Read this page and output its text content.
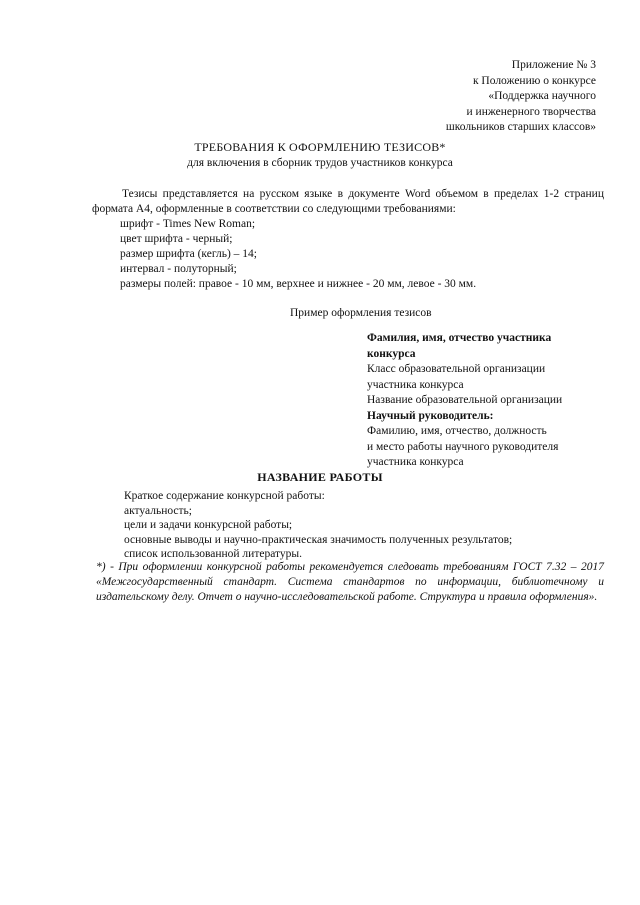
Приложение № 3
к Положению о конкурсе
«Поддержка научного
и инженерного творчества
школьников старших классов»
ТРЕБОВАНИЯ К ОФОРМЛЕНИЮ ТЕЗИСОВ*
для включения в сборник трудов участников конкурса

Тезисы представляется на русском языке в документе Word объемом в пределах 1-2 страниц формата А4, оформленные в соответствии со следующими требованиями:

шрифт - Times New Roman;
цвет шрифта - черный;
размер шрифта (кегль) – 14;
интервал - полуторный;
размеры полей: правое - 10 мм, верхнее и нижнее - 20 мм, левое - 30 мм.
Пример оформления тезисов
Фамилия, имя, отчество участника
конкурса
Класс образовательной организации
участника конкурса
Название образовательной организации
Научный руководитель:
Фамилию, имя, отчество, должность
и место работы научного руководителя
участника конкурса
НАЗВАНИЕ РАБОТЫ
Краткое содержание конкурсной работы:
актуальность;
цели и задачи конкурсной работы;
основные выводы и научно-практическая значимость полученных результатов;
список использованной литературы.
*) - При оформлении конкурсной работы рекомендуется следовать требованиям ГОСТ 7.32 – 2017 «Межгосударственный стандарт. Система стандартов по информации, библиотечному и издательскому делу. Отчет о научно-исследовательской работе. Структура и правила оформления».
